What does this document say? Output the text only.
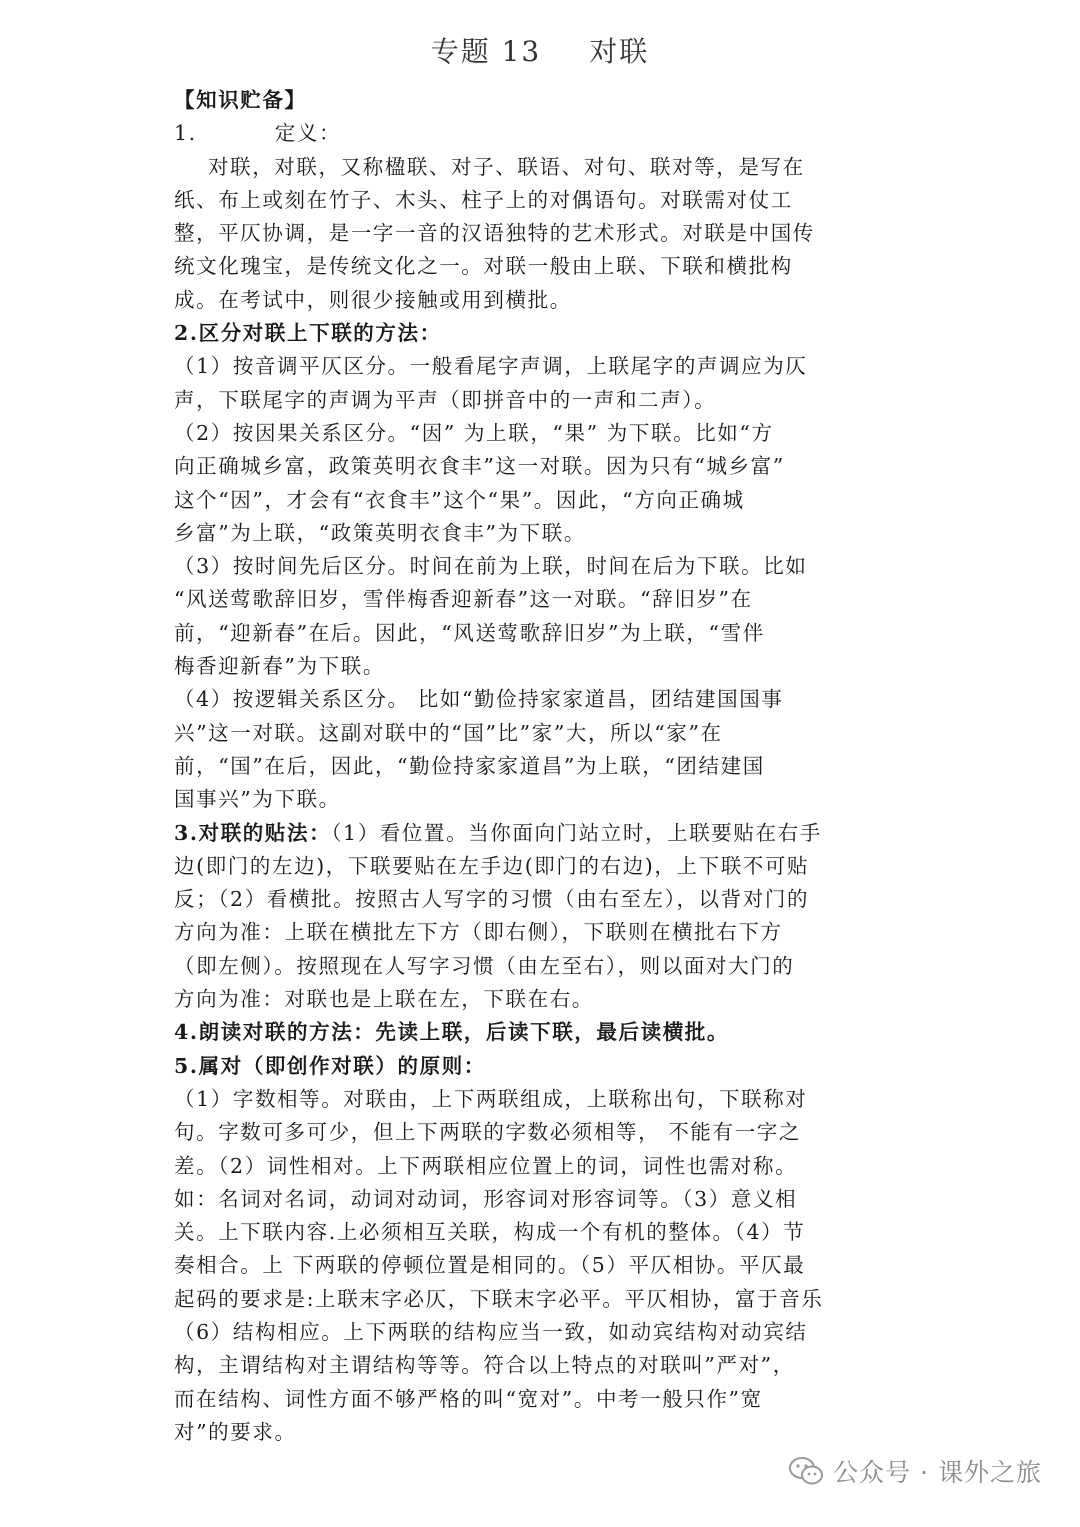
专题 13 对联
【知识贮备】
1.	定义：
对联，对联，又称楹联、对子、联语、对句、联对等，是写在
纸、布上或刻在竹子、木头、柱子上的对偶语句。对联需对仗工
整，平仄协调，是一字一音的汉语独特的艺术形式。对联是中国传
统文化瑰宝，是传统文化之一。对联一般由上联、下联和横批构
成。在考试中，则很少接触或用到横批。
2.区分对联上下联的方法：
（1）按音调平仄区分。一般看尾字声调，上联尾字的声调应为仄
声，下联尾字的声调为平声（即拼音中的一声和二声）。
（2）按因果关系区分。“因” 为上联，“果” 为下联。比如“方
向正确城乡富，政策英明衣食丰”这一对联。因为只有“城乡富”
这个“因”，才会有“衣食丰”这个“果”。因此，“方向正确城
乡富”为上联，“政策英明衣食丰”为下联。
（3）按时间先后区分。时间在前为上联，时间在后为下联。比如
“风送莺歌辞旧岁，雪伴梅香迎新春”这一对联。“辞旧岁”在
前，“迎新春”在后。因此，“风送莺歌辞旧岁”为上联，“雪伴
梅香迎新春”为下联。
（4）按逻辑关系区分。 比如“勤俭持家家道昌，团结建国国事
兴”这一对联。这副对联中的“国”比”家”大，所以“家”在
前，“国”在后，因此，“勤俭持家家道昌”为上联，“团结建国
国事兴”为下联。
3.对联的贴法：（1）看位置。当你面向门站立时，上联要贴在右手
边(即门的左边)，下联要贴在左手边(即门的右边)，上下联不可贴
反；（2）看横批。按照古人写字的习惯（由右至左），以背对门的
方向为准：上联在横批左下方（即右侧），下联则在横批右下方
（即左侧）。按照现在人写字习惯（由左至右），则以面对大门的
方向为准：对联也是上联在左，下联在右。
4.朗读对联的方法：先读上联，后读下联，最后读横批。
5.属对（即创作对联）的原则：
（1）字数相等。对联由，上下两联组成，上联称出句，下联称对
句。字数可多可少，但上下两联的字数必须相等， 不能有一字之
差。（2）词性相对。上下两联相应位置上的词，词性也需对称。
如：名词对名词，动词对动词，形容词对形容词等。（3）意义相
关。上下联内容.上必须相互关联，构成一个有机的整体。（4）节
奏相合。上 下两联的停顿位置是相同的。（5）平仄相协。平仄最
起码的要求是:上联末字必仄，下联末字必平。平仄相协，富于音乐
（6）结构相应。上下两联的结构应当一致，如动宾结构对动宾结
构，主谓结构对主谓结构等等。符合以上特点的对联叫”严对”，
而在结构、词性方面不够严格的叫“宽对”。中考一般只作”宽
对”的要求。
公众号 · 课外之旅
